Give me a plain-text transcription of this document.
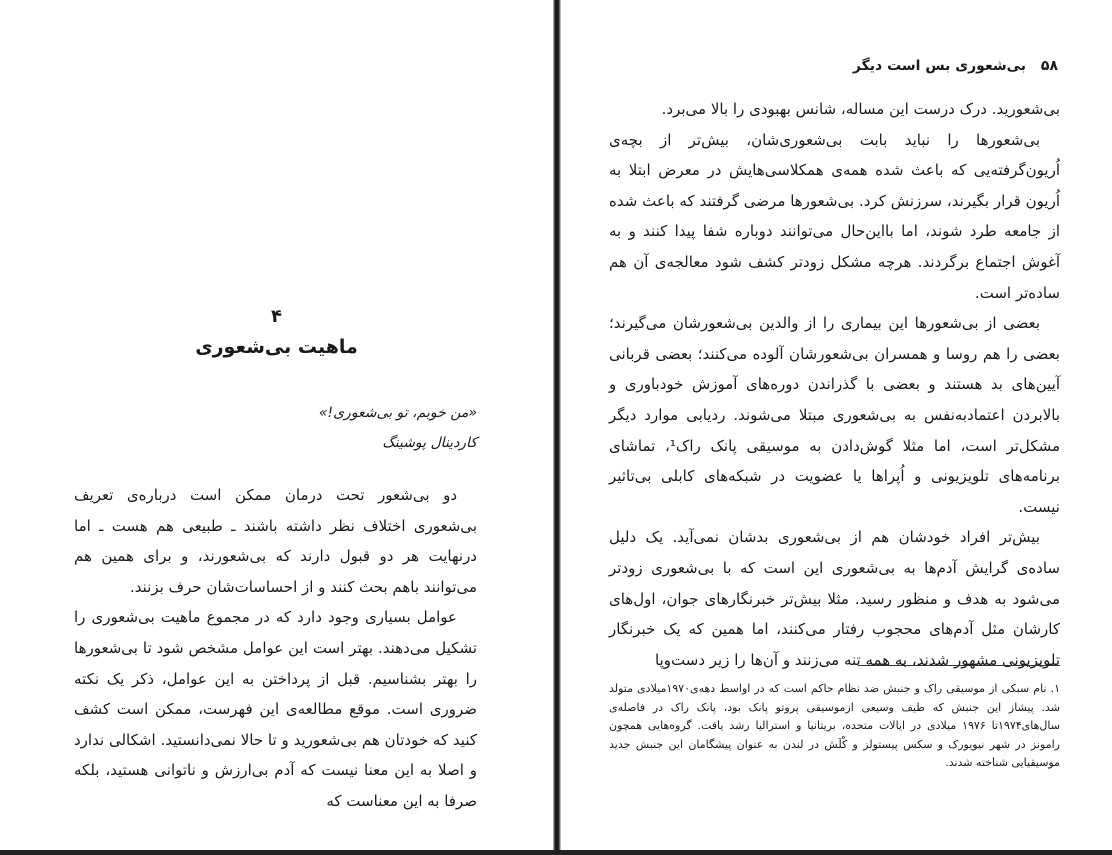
۴
ماهیت بی‌شعوری
«من خوبم، تو بی‌شعوری!»
کاردینال پوشینگ

دو بی‌شعور تحت درمان ممکن است درباره‌ی تعریف بی‌شعوری اختلاف نظر داشته باشند ـ طبیعی هم هست ـ اما درنهایت هر دو قبول دارند که بی‌شعورند، و برای همین هم می‌توانند باهم بحث کنند و از احساسات‌شان حرف بزنند.

عوامل بسیاری وجود دارد که در مجموع ماهیت بی‌شعوری را تشکیل می‌دهند. بهتر است این عوامل مشخص شود تا بی‌شعورها را بهتر بشناسیم. قبل از پرداختن به این عوامل، ذکر یک نکته ضروری است. موقع مطالعه‌ی این فهرست، ممکن است کشف کنید که خودتان هم بی‌شعورید و تا حالا نمی‌دانستید. اشکالی ندارد و اصلا به این معنا نیست که آدم بی‌ارزش و ناتوانی هستید، بلکه صرفا به این معناست که

۵۸ بی‌شعوری بس است دیگر

بی‌شعورید. درک درست این مساله، شانس بهبودی را بالا می‌برد.

بی‌شعورها را نباید بابت بی‌شعوری‌شان، بیش‌تر از بچه‌ی اُریون‌گرفته‌یی که باعث شده همه‌ی همکلاسی‌هایش در معرض ابتلا به اُریون قرار بگیرند، سرزنش کرد. بی‌شعورها مرضی گرفتند که باعث شده از جامعه طرد شوند، اما بااین‌حال می‌توانند دوباره شفا پیدا کنند و به آغوش اجتماع برگردند. هرچه مشکل زودتر کشف شود معالجه‌ی آن هم ساده‌تر است.

بعضی از بی‌شعورها این بیماری را از والدین بی‌شعورشان می‌گیرند؛ بعضی را هم روسا و همسران بی‌شعورشان آلوده می‌کنند؛ بعضی قربانی آیین‌های بد هستند و بعضی با گذراندن دوره‌های آموزش خودباوری و بالابردن اعتمادبه‌نفس به بی‌شعوری مبتلا می‌شوند. ردیابی موارد دیگر مشکل‌تر است، اما مثلا گوش‌دادن به موسیقی پانک راک¹، تماشای برنامه‌های تلویزیونی و اُپراها یا عضویت در شبکه‌های کابلی بی‌تاثیر نیست.

بیش‌تر افراد خودشان هم از بی‌شعوری بدشان نمی‌آید. یک دلیل ساده‌ی گرایش آدم‌ها به بی‌شعوری این است که با بی‌شعوری زودتر می‌شود به هدف و منظور رسید. مثلا بیش‌تر خبرنگارهای جوان، اول‌های کارشان مثل آدم‌های محجوب رفتار می‌کنند، اما همین که یک خبرنگار تلویزیونی مشهور شدند، به همه تنه می‌زنند و آن‌ها را زیر دست‌وپا

۱. نام سبکی از موسیقی راک و جنبش ضد نظام حاکم است که در اواسط دهه‌ی۱۹۷۰میلادی متولد شد. پیشاز این جنبش که طیف وسیعی ازموسیقی پروتو پانک بود، پانک راک در فاصله‌ی سال‌های۱۹۷۴تا ۱۹۷۶ میلادی در ایالات متحده، بریتانیا و استرالیا رشد یافت. گروه‌هایی همچون رامونز در شهر نیویورک و سکس پیستولز و کْلَش در لندن به‌ عنوان پیشگامان این جنبش جدید موسیقیایی شناخته شدند.
